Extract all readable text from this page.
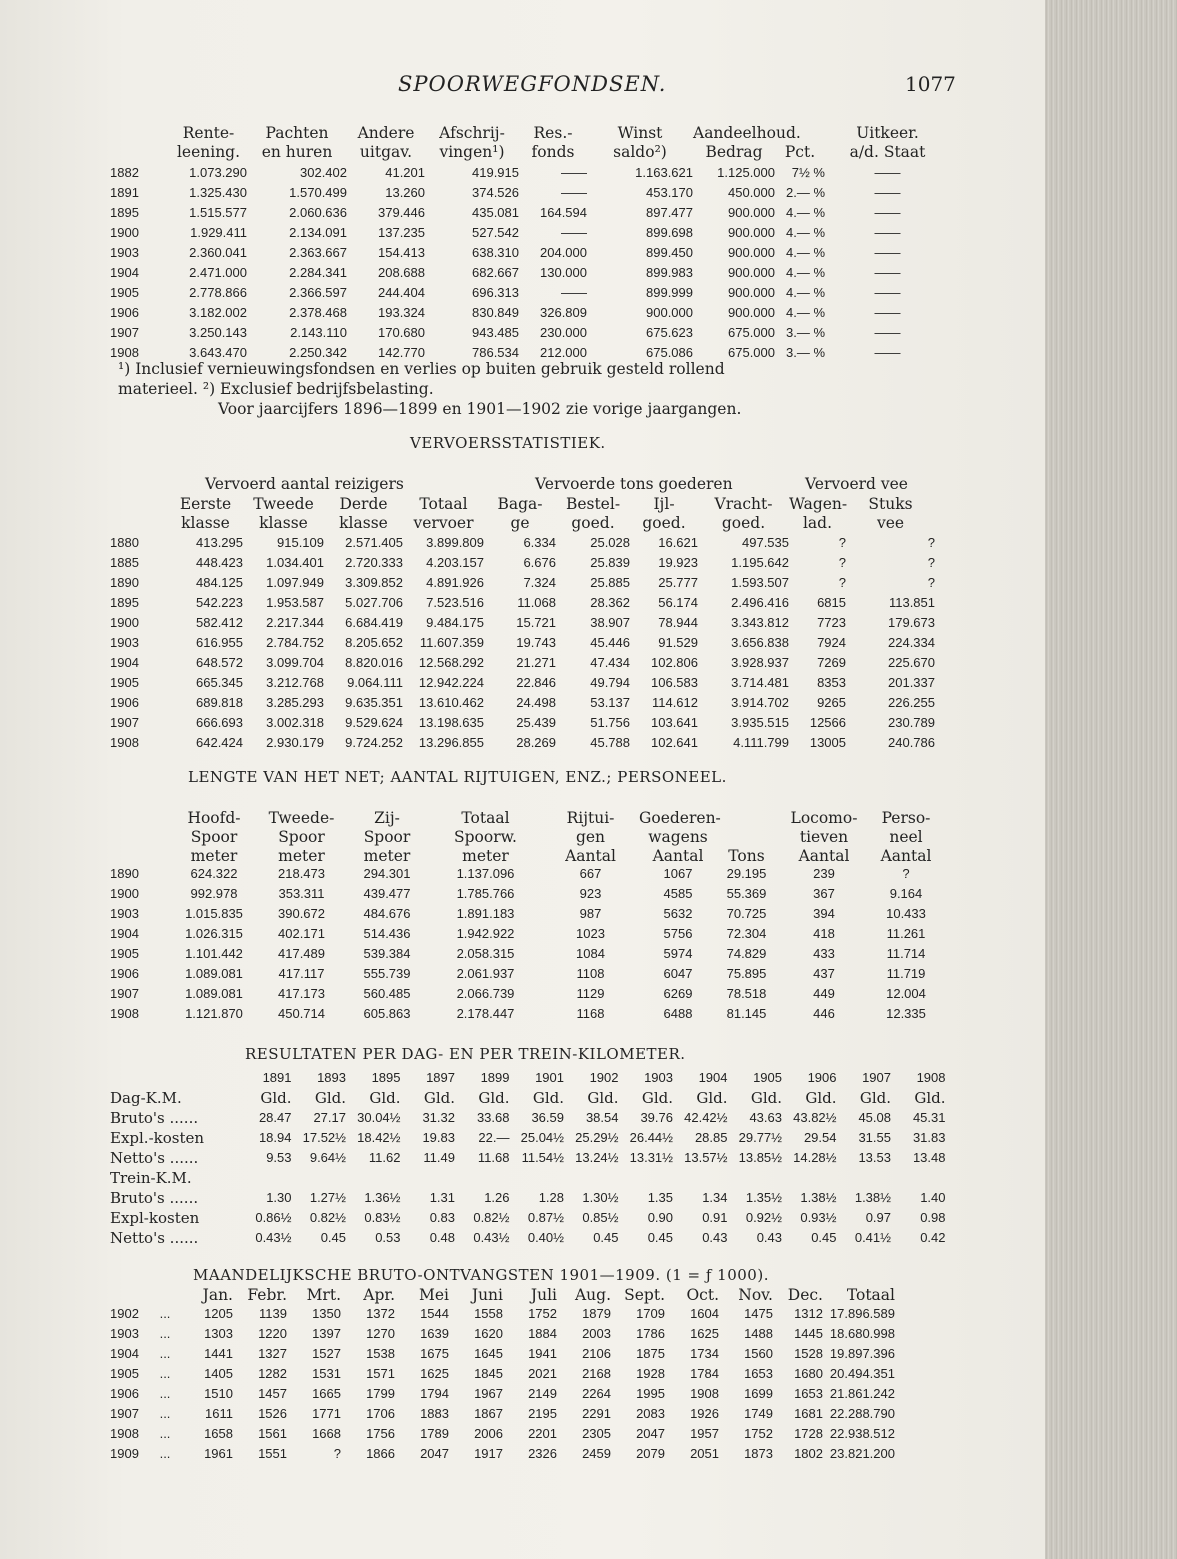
SPOORWEGFONDSEN.	1077
Rente-	Pachten	Andere	Afschrij-	Res.-	Winst	Aandeelhoud.	Uitkeer.
leening.	en huren	uitgav.	vingen¹)	fonds	saldo²)	Bedrag	Pct.	a/d. Staat
1882	1.073.290	302.402	41.201	419.915	——	1.163.621	1.125.000	7½ %	——
1891	1.325.430	1.570.499	13.260	374.526	——	453.170	450.000 2.— %	——
1895	1.515.577	2.060.636	379.446	435.081	164.594	897.477	900.000 4.— %	——
1900	1.929.411	2.134.091	137.235	527.542	——	899.698	900.000 4.— %	——
1903	2.360.041	2.363.667	154.413	638.310	204.000	899.450	900.000 4.— %	——
1904	2.471.000	2.284.341	208.688	682.667	130.000	899.983	900.000 4.— %	——
1905	2.778.866	2.366.597	244.404	696.313	——	899.999	900.000 4.— %	——
1906	3.182.002	2.378.468	193.324	830.849	326.809	900.000	900.000 4.— %	——
1907	3.250.143	2.143.110	170.680	943.485	230.000	675.623	675.000 3.— %	——
1908	3.643.470	2.250.342	142.770	786.534	212.000	675.086	675.000 3.— %	——
¹) Inclusief vernieuwingsfondsen en verlies op buiten gebruik gesteld rollend
materieel. ²) Exclusief bedrijfsbelasting.
Voor jaarcijfers 1896—1899 en 1901—1902 zie vorige jaargangen.
VERVOERSSTATISTIEK.
Vervoerd aantal reizigers	Vervoerde tons goederen	Vervoerd vee
Eerste	Tweede	Derde	Totaal	Baga-	Bestel-	Ijl-	Vracht-	Wagen-	Stuks
klasse	klasse	klasse	vervoer	ge	goed.	goed.	goed.	lad.	vee
1880	413.295	915.109	2.571.405	3.899.809	6.334	25.028	16.621	497.535	?	?
1885	448.423	1.034.401	2.720.333	4.203.157	6.676	25.839	19.923	1.195.642	?	?
1890	484.125	1.097.949	3.309.852	4.891.926	7.324	25.885	25.777	1.593.507	?	?
1895	542.223	1.953.587	5.027.706	7.523.516	11.068	28.362	56.174	2.496.416	6815	113.851
1900	582.412	2.217.344	6.684.419	9.484.175	15.721	38.907	78.944	3.343.812	7723	179.673
1903	616.955	2.784.752	8.205.652	11.607.359	19.743	45.446	91.529	3.656.838	7924	224.334
1904	648.572	3.099.704	8.820.016	12.568.292	21.271	47.434	102.806	3.928.937	7269	225.670
1905	665.345	3.212.768	9.064.111	12.942.224	22.846	49.794	106.583	3.714.481	8353	201.337
1906	689.818	3.285.293	9.635.351	13.610.462	24.498	53.137	114.612	3.914.702	9265	226.255
1907	666.693	3.002.318	9.529.624	13.198.635	25.439	51.756	103.641	3.935.515	12566	230.789
1908	642.424	2.930.179	9.724.252	13.296.855	28.269	45.788	102.641	4.111.799	13005	240.786
LENGTE VAN HET NET; AANTAL RIJTUIGEN, ENZ.; PERSONEEL.
Hoofd-	Tweede-	Zij-	Totaal	Rijtui-	Goederen-	Locomo-	Perso-
Spoor	Spoor	Spoor	Spoorw.	gen	wagens	tieven	neel
meter	meter	meter	meter	Aantal	Aantal	Tons	Aantal	Aantal
1890	624.322	218.473	294.301	1.137.096	667	1067	29.195	239	?
1900	992.978	353.311	439.477	1.785.766	923	4585	55.369	367	9.164
1903	1.015.835	390.672	484.676	1.891.183	987	5632	70.725	394	10.433
1904	1.026.315	402.171	514.436	1.942.922	1023	5756	72.304	418	11.261
1905	1.101.442	417.489	539.384	2.058.315	1084	5974	74.829	433	11.714
1906	1.089.081	417.117	555.739	2.061.937	1108	6047	75.895	437	11.719
1907	1.089.081	417.173	560.485	2.066.739	1129	6269	78.518	449	12.004
1908	1.121.870	450.714	605.863	2.178.447	1168	6488	81.145	446	12.335
RESULTATEN PER DAG- EN PER TREIN-KILOMETER.
1891	1893	1895	1897	1899	1901	1902	1903	1904	1905	1906	1907	1908
Dag-K.M.	Gld.	Gld.	Gld.	Gld.	Gld.	Gld.	Gld.	Gld.	Gld.	Gld.	Gld.	Gld.	Gld.
Bruto's ......	28.47	27.17 30.04½	31.32	33.68	36.59	38.54	39.76 42.42½	43.63 43.82½	45.08	45.31
Expl.-kosten	18.94 17.52½ 18.42½	19.83	22.— 25.04½ 25.29½ 26.44½	28.85 29.77½	29.54	31.55	31.83
Netto's ......	9.53	9.64½	11.62	11.49	11.68 11.54½ 13.24½ 13.31½ 13.57½ 13.85½ 14.28½	13.53	13.48
Trein-K.M.
Bruto's ......	1.30	1.27½	1.36½	1.31	1.26	1.28	1.30½	1.35	1.34	1.35½	1.38½	1.38½	1.40
Expl-kosten	0.86½	0.82½	0.83½	0.83	0.82½	0.87½	0.85½	0.90	0.91	0.92½	0.93½	0.97	0.98
Netto's ......	0.43½	0.45	0.53	0.48	0.43½	0.40½	0.45	0.45	0.43	0.43	0.45	0.41½	0.42
MAANDELIJKSCHE BRUTO-ONTVANGSTEN 1901—1909. (1 = ƒ 1000).
Jan. Febr.	Mrt.	Apr.	Mei	Juni	Juli	Aug. Sept.	Oct.	Nov. Dec.	Totaal
1902	...	1205	1139	1350	1372	1544	1558	1752	1879	1709	1604	1475	1312 17.896.589
1903	...	1303	1220	1397	1270	1639	1620	1884	2003	1786	1625	1488	1445 18.680.998
1904	...	1441	1327	1527	1538	1675	1645	1941	2106	1875	1734	1560	1528 19.897.396
1905	...	1405	1282	1531	1571	1625	1845	2021	2168	1928	1784	1653	1680 20.494.351
1906	...	1510	1457	1665	1799	1794	1967	2149	2264	1995	1908	1699	1653 21.861.242
1907	...	1611	1526	1771	1706	1883	1867	2195	2291	2083	1926	1749	1681 22.288.790
1908	...	1658	1561	1668	1756	1789	2006	2201	2305	2047	1957	1752	1728 22.938.512
1909	...	1961	1551	?	1866	2047	1917	2326	2459	2079	2051	1873	1802 23.821.200
